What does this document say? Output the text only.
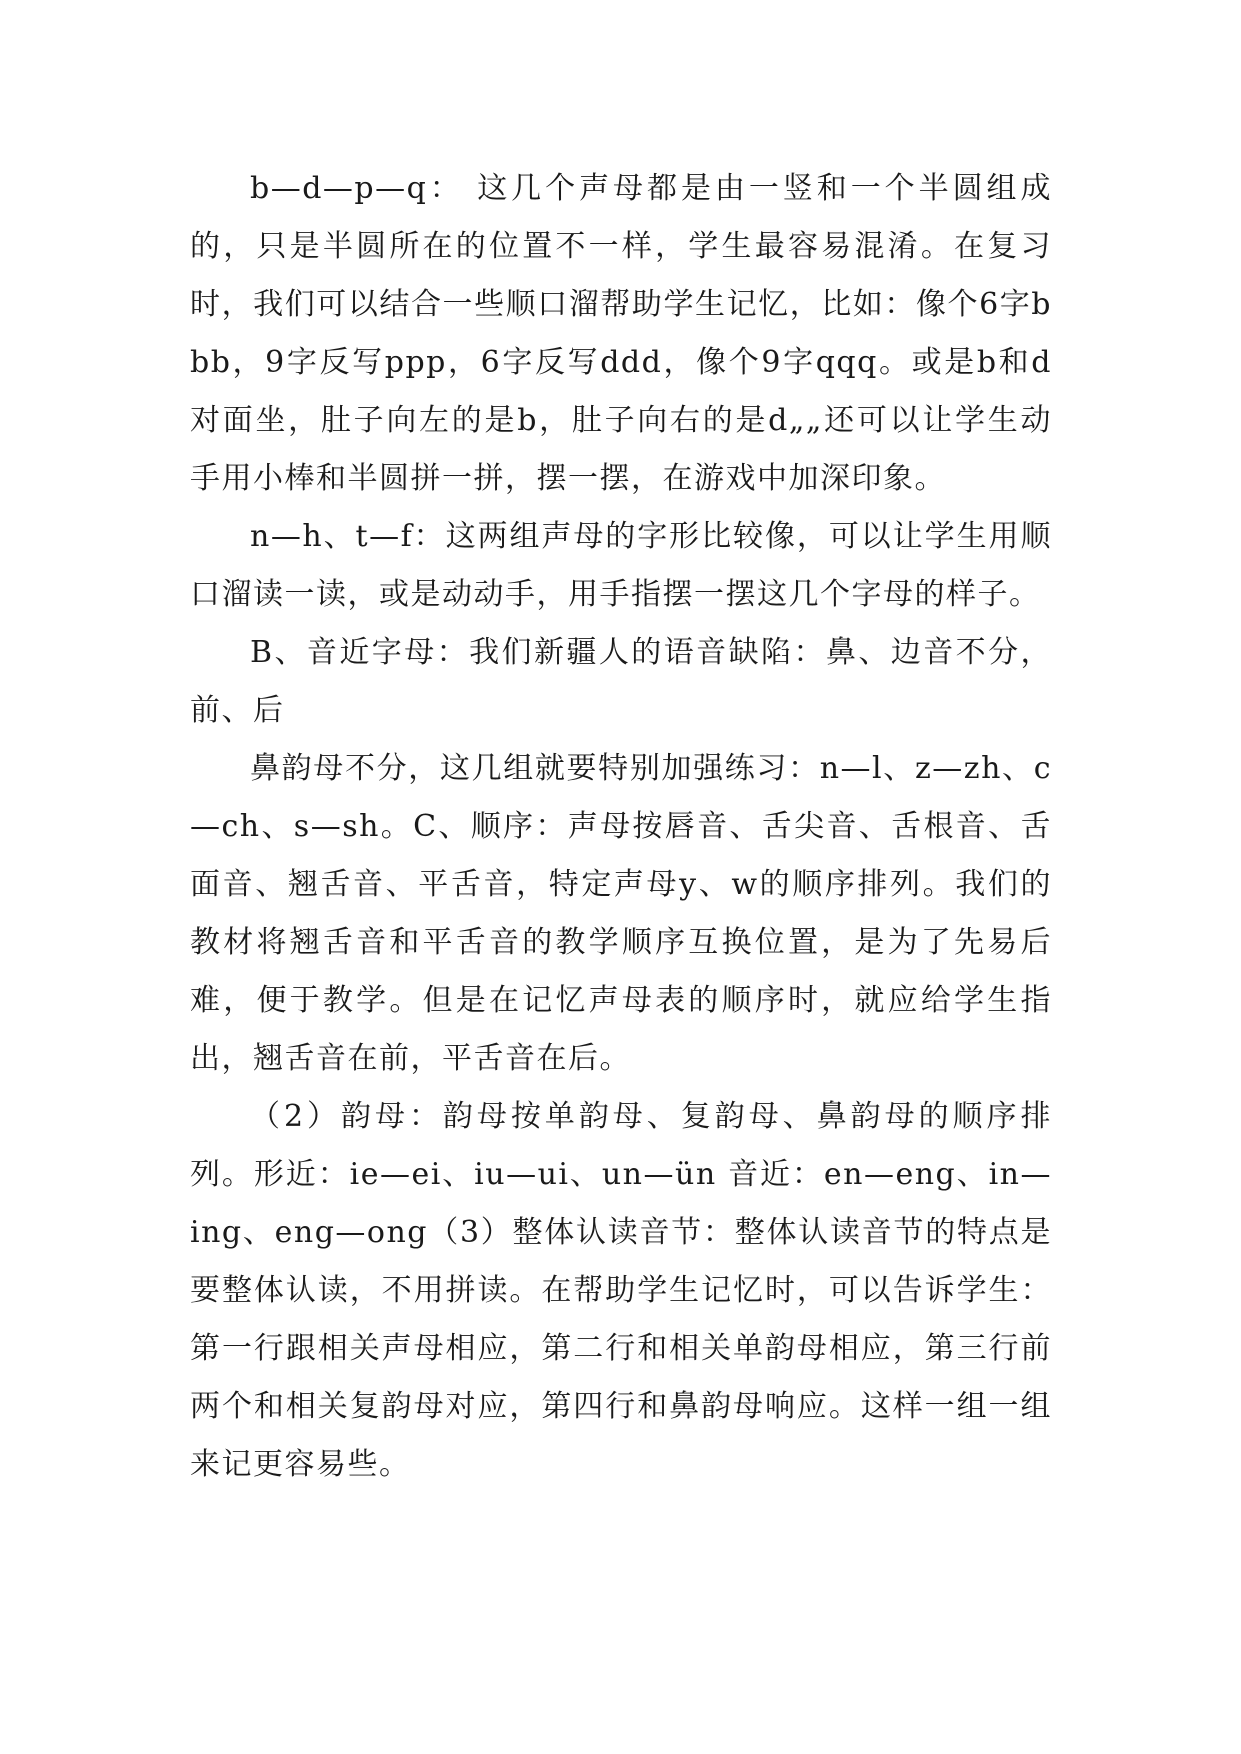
b—d—p—q： 这几个声母都是由一竖和一个半圆组成的，只是半圆所在的位置不一样，学生最容易混淆。在复习时，我们可以结合一些顺口溜帮助学生记忆，比如：像个6字bbb，9字反写ppp，6字反写ddd，像个9字qqq。或是b和d对面坐，肚子向左的是b，肚子向右的是d„„还可以让学生动手用小棒和半圆拼一拼，摆一摆，在游戏中加深印象。

n—h、t—f：这两组声母的字形比较像，可以让学生用顺口溜读一读，或是动动手，用手指摆一摆这几个字母的样子。

B、音近字母：我们新疆人的语音缺陷：鼻、边音不分，前、后

鼻韵母不分，这几组就要特别加强练习：n—l、z—zh、c—ch、s—sh。C、顺序：声母按唇音、舌尖音、舌根音、舌面音、翘舌音、平舌音，特定声母y、w的顺序排列。我们的教材将翘舌音和平舌音的教学顺序互换位置，是为了先易后难，便于教学。但是在记忆声母表的顺序时，就应给学生指出，翘舌音在前，平舌音在后。

（2）韵母：韵母按单韵母、复韵母、鼻韵母的顺序排列。形近：ie—ei、iu—ui、un—ün 音近：en—eng、in—ing、eng—ong（3）整体认读音节：整体认读音节的特点是要整体认读，不用拼读。在帮助学生记忆时，可以告诉学生：第一行跟相关声母相应，第二行和相关单韵母相应，第三行前两个和相关复韵母对应，第四行和鼻韵母响应。这样一组一组来记更容易些。
